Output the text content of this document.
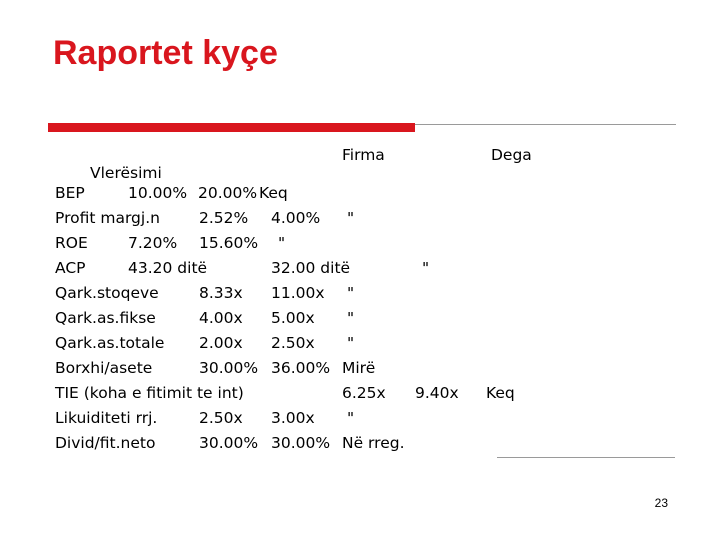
Raportet kyçe
Firma	Dega
Vlerësimi
BEP	10.00% 20.00% Keq
Profit margj.n	2.52% 4.00% "
ROE	7.20% 15.60% "
ACP	43.20 ditë	32.00 ditë	"
Qark.stoqeve	8.33x 11.00x "
Qark.as.fikse	4.00x 5.00x "
Qark.as.totale 2.00x 2.50x "
Borxhi/asete	30.00% 36.00% Mirë
TIE (koha e fitimit te int)	6.25x 9.40x Keq
Likuiditeti rrj.	2.50x 3.00x "
Divid/fit.neto	30.00% 30.00% Në rreg.
23
